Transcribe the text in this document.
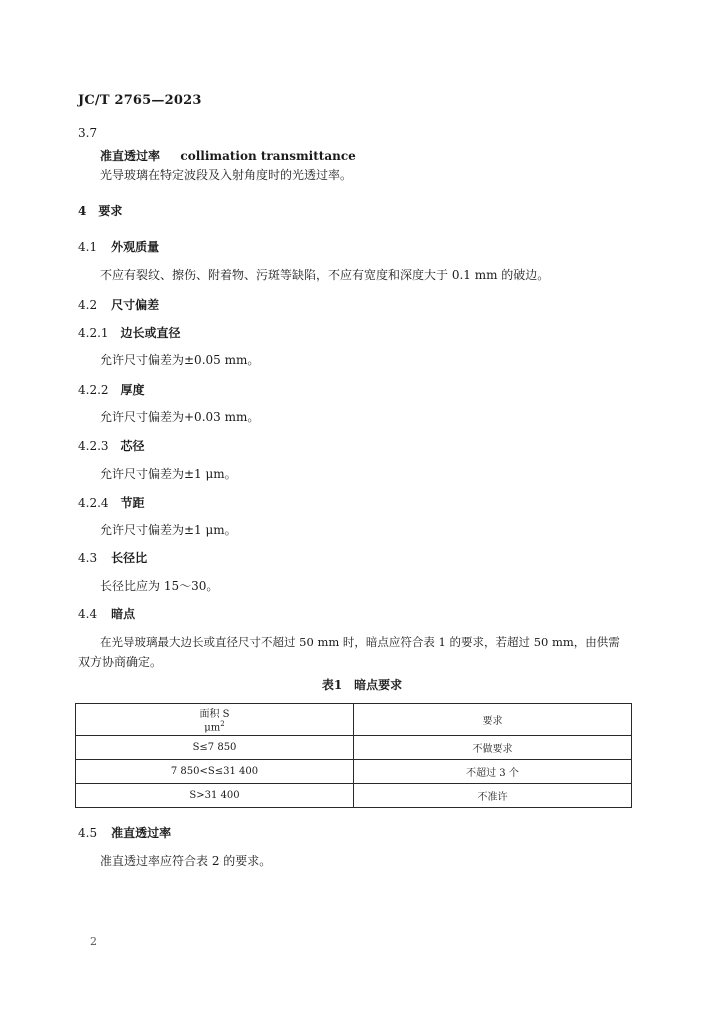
JC/T 2765—2023
3.7
准直透过率 collimation transmittance
光导玻璃在特定波段及入射角度时的光透过率。
4 要求
4.1 外观质量
不应有裂纹、擦伤、附着物、污斑等缺陷，不应有宽度和深度大于 0.1 mm 的破边。
4.2 尺寸偏差
4.2.1 边长或直径
允许尺寸偏差为±0.05 mm。
4.2.2 厚度
允许尺寸偏差为+0.03 mm。
4.2.3 芯径
允许尺寸偏差为±1 μm。
4.2.4 节距
允许尺寸偏差为±1 μm。
4.3 长径比
长径比应为 15～30。
4.4 暗点
在光导玻璃最大边长或直径尺寸不超过 50 mm 时，暗点应符合表 1 的要求，若超过 50 mm，由供需
双方协商确定。
表1　暗点要求
面积 S
$\mu m^2$	要求
S≤7 850	不做要求
7 850<S≤31 400	不超过 3 个
S>31 400	不准许
4.5 准直透过率
准直透过率应符合表 2 的要求。
2
